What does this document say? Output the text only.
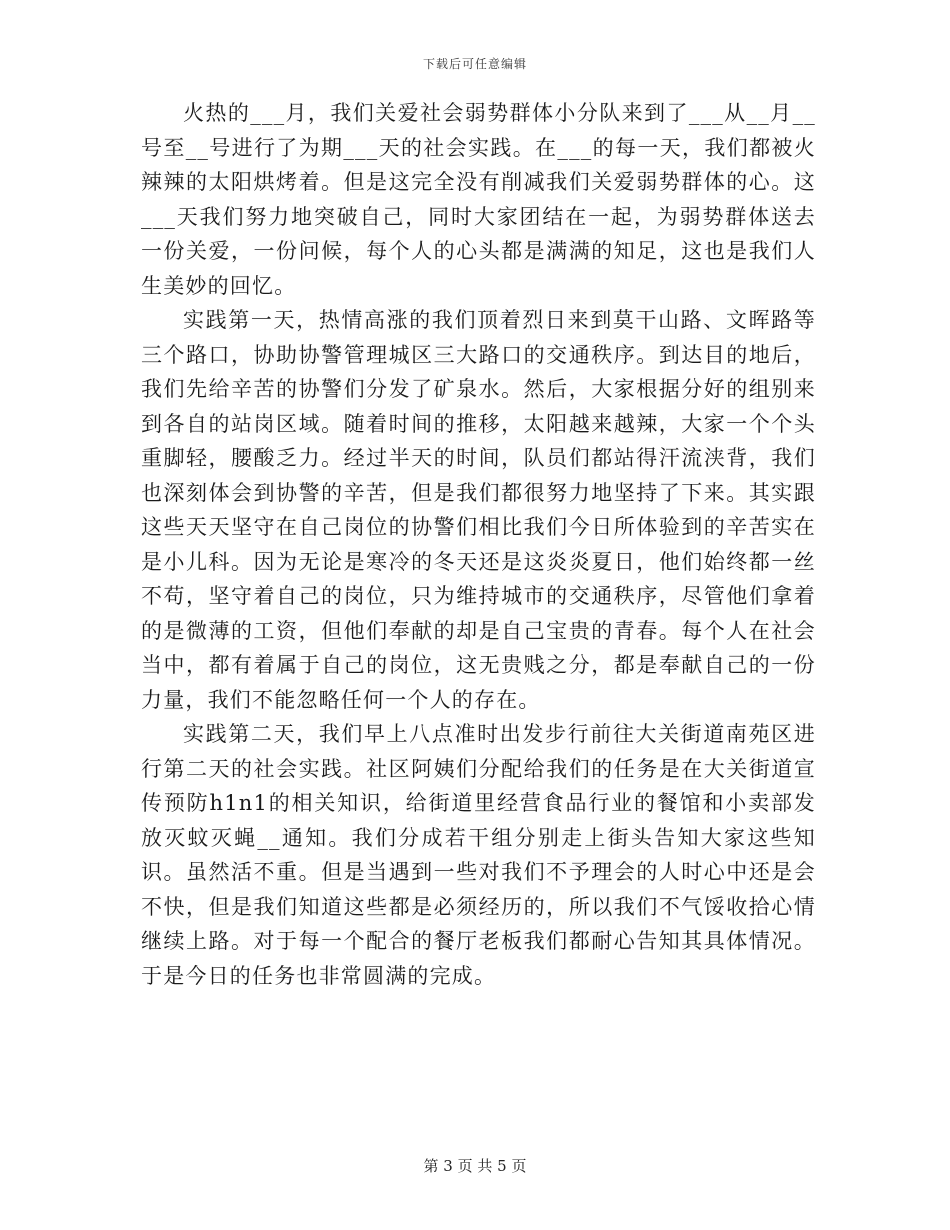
下载后可任意编辑

火热的___月，我们关爱社会弱势群体小分队来到了___从__月__号至__号进行了为期___天的社会实践。在___的每一天，我们都被火辣辣的太阳烘烤着。但是这完全没有削减我们关爱弱势群体的心。这___天我们努力地突破自己，同时大家团结在一起，为弱势群体送去一份关爱，一份问候，每个人的心头都是满满的知足，这也是我们人生美妙的回忆。

实践第一天，热情高涨的我们顶着烈日来到莫干山路、文晖路等三个路口，协助协警管理城区三大路口的交通秩序。到达目的地后，我们先给辛苦的协警们分发了矿泉水。然后，大家根据分好的组别来到各自的站岗区域。随着时间的推移，太阳越来越辣，大家一个个头重脚轻，腰酸乏力。经过半天的时间，队员们都站得汗流浃背，我们也深刻体会到协警的辛苦，但是我们都很努力地坚持了下来。其实跟这些天天坚守在自己岗位的协警们相比我们今日所体验到的辛苦实在是小儿科。因为无论是寒冷的冬天还是这炎炎夏日，他们始终都一丝不苟，坚守着自己的岗位，只为维持城市的交通秩序，尽管他们拿着的是微薄的工资，但他们奉献的却是自己宝贵的青春。每个人在社会当中，都有着属于自己的岗位，这无贵贱之分，都是奉献自己的一份力量，我们不能忽略任何一个人的存在。

实践第二天，我们早上八点准时出发步行前往大关街道南苑区进行第二天的社会实践。社区阿姨们分配给我们的任务是在大关街道宣传预防h1n1的相关知识，给街道里经营食品行业的餐馆和小卖部发放灭蚊灭蝇__通知。我们分成若干组分别走上街头告知大家这些知识。虽然活不重。但是当遇到一些对我们不予理会的人时心中还是会不快，但是我们知道这些都是必须经历的，所以我们不气馁收拾心情继续上路。对于每一个配合的餐厅老板我们都耐心告知其具体情况。于是今日的任务也非常圆满的完成。

第 3 页 共 5 页
